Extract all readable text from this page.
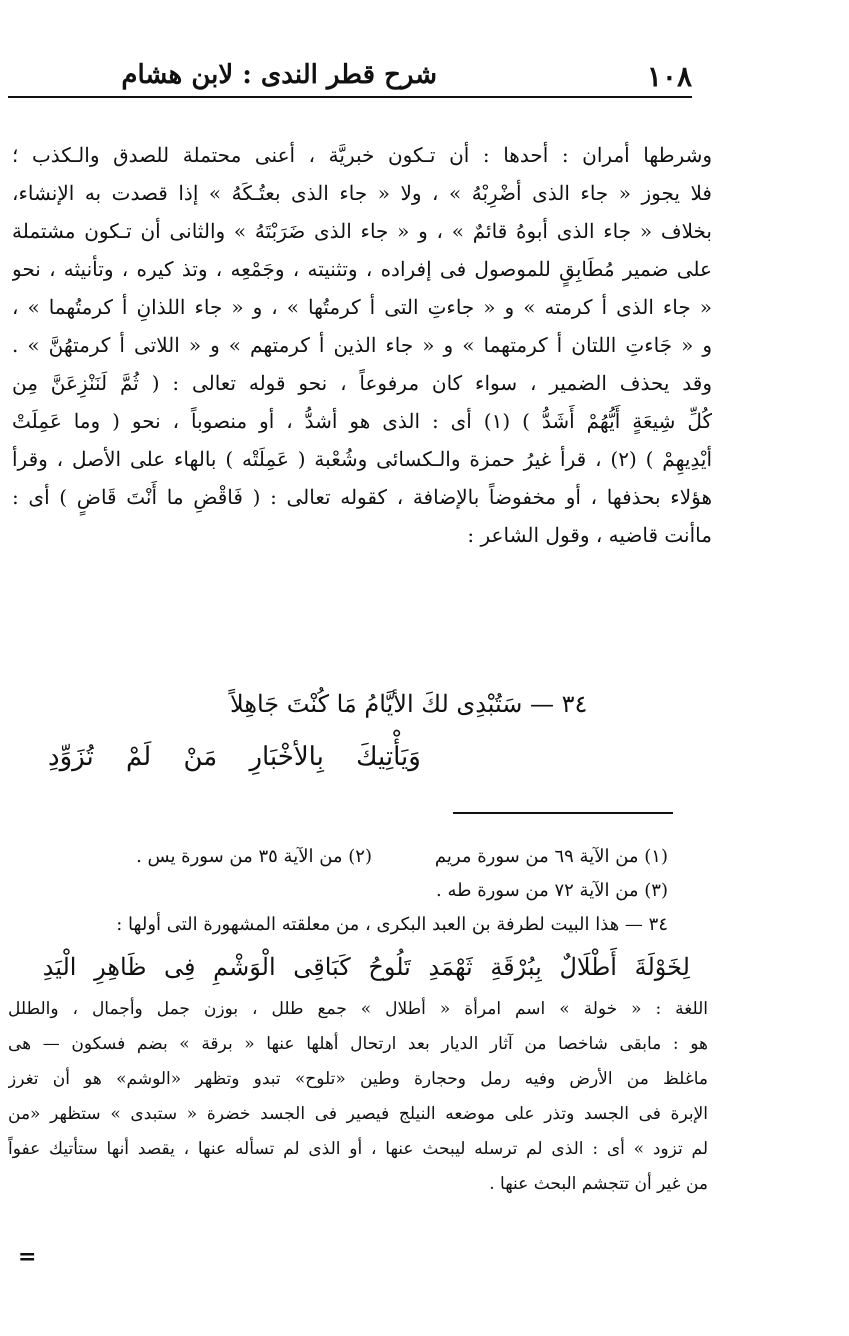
١٠٨
شرح قطر الندى : لابن هشام
وشرطها أمران : أحدها : أن تـكون خبريَّة ، أعنى محتملة للصدق والـكذب ؛
فلا يجوز « جاء الذى أضْرِبْهُ » ، ولا « جاء الذى بعتُـكَهُ » إذا قصدت به الإنشاء،
بخلاف « جاء الذى أبوهُ قائمٌ » ، و « جاء الذى ضَرَبْتَهُ » والثانى أن تـكون مشتملة
على ضمير مُطَابِقٍ للموصول فى إفراده ، وتثنيته ، وجَمْعِه ، وتذ كيره ، وتأنيثه ، نحو
« جاء الذى أ كرمته » و « جاءتِ التى أ كرمتُها » ، و « جاء اللذانِ أ كرمتُهما » ،
و « جَاءتِ اللتان أ كرمتهما » و « جاء الذين أ كرمتهم » و « اللاتى أ كرمتهُنَّ » .
وقد يحذف الضمير ، سواء كان مرفوعاً ، نحو قوله تعالى : ( ثُمَّ لَنَنْزِعَنَّ مِن
كُلِّ شِيعَةٍ أَيُّهُمْ أَشَدُّ ) (١) أى : الذى هو أشدُّ ، أو منصوباً ، نحو ( وما عَمِلَتْ
أيْدِيهِمْ ) (٢) ، قرأ غيرُ حمزة والـكسائى وشُعْبة ( عَمِلَتْه ) بالهاء على الأصل ، وقرأ
هؤلاء بحذفها ، أو مخفوضاً بالإضافة ، كقوله تعالى : ( فَاقْضِ ما أَنْتَ قَاضٍ ) أى :
ماأنت قاضيه ، وقول الشاعر :
٣٤ — سَتُبْدِى لكَ الأيَّامُ مَا كُنْتَ جَاهِلاً
وَيَأْتِيكَ بِالأخْبَارِ مَنْ لَمْ تُزَوِّدِ
(١) من الآية ٦٩ من سورة مريم
(٢) من الآية ٣٥ من سورة يس .
(٣) من الآية ٧٢ من سورة طه .
٣٤ — هذا البيت لطرفة بن العبد البكرى ، من معلقته المشهورة التى أولها :
لِخَوْلَةَ أَطْلَالٌ بِبُرْقَةِ ثَهْمَدِ تَلُوحُ كَبَاقِى الْوَشْمِ فِى ظَاهِرِ الْيَدِ
اللغة : « خولة » اسم امرأة « أطلال » جمع طلل ، بوزن جمل وأجمال ، والطلل
هو : مابقى شاخصا من آثار الديار بعد ارتحال أهلها عنها « برقة » بضم فسكون — هى
ماغلظ من الأرض وفيه رمل وحجارة وطين «تلوح» تبدو وتظهر «الوشم» هو أن تغرز
الإبرة فى الجسد وتذر على موضعه النيلج فيصير فى الجسد خضرة « ستبدى » ستظهر «من
لم تزود » أى : الذى لم ترسله ليبحث عنها ، أو الذى لم تسأله عنها ، يقصد أنها ستأتيك عفواً
من غير أن تتجشم البحث عنها .
=
